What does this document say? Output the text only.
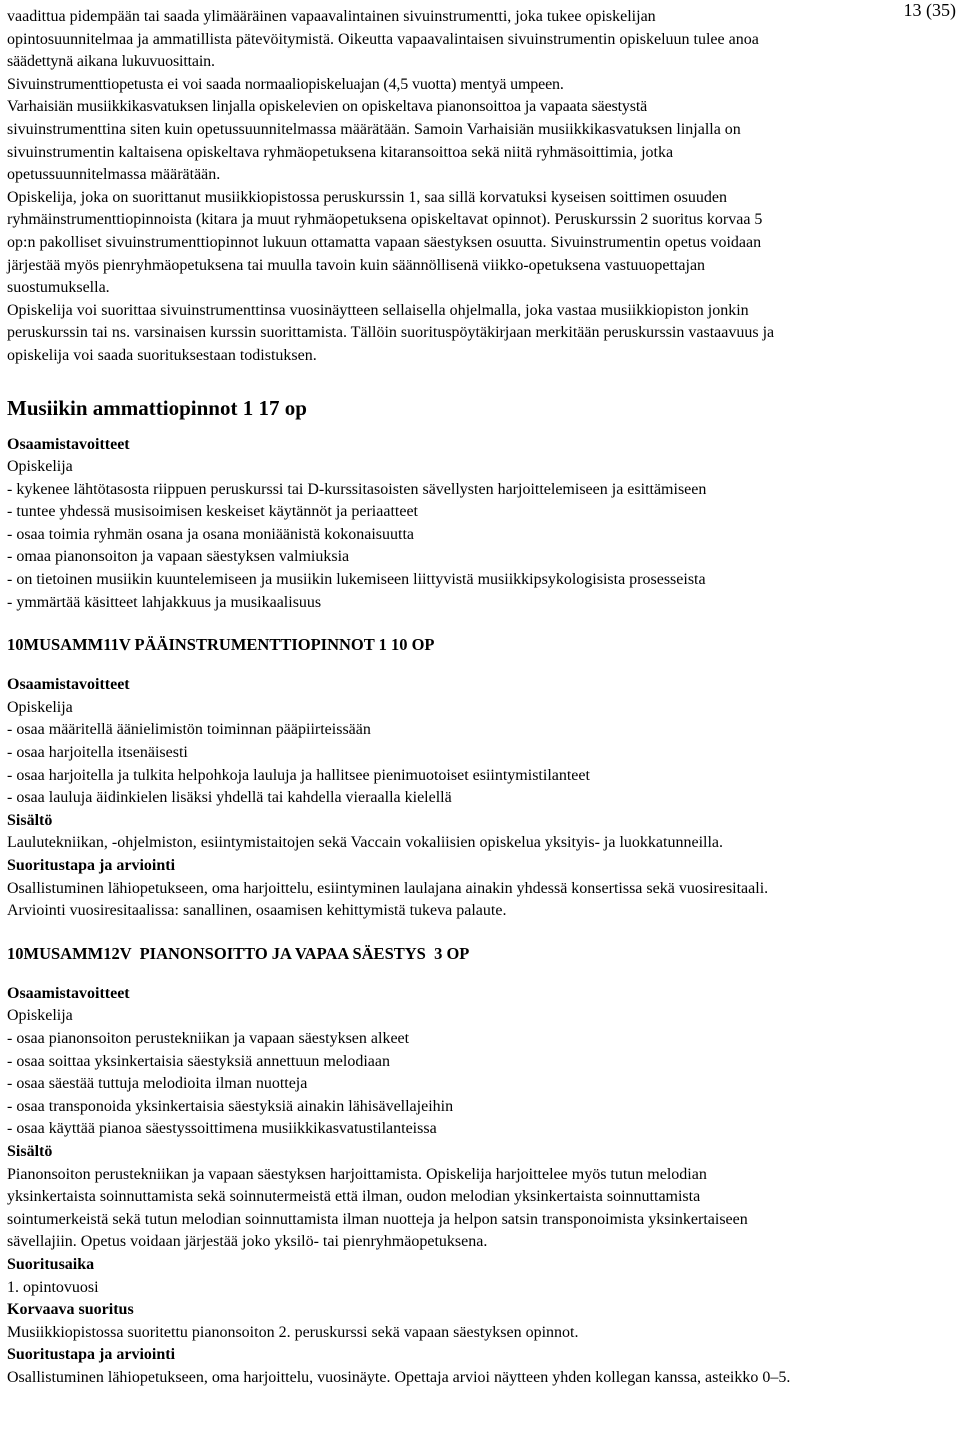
13 (35)

vaadittua pidempään tai saada ylimääräinen vapaavalintainen sivuinstrumentti, joka tukee opiskelijan

opintosuunnitelmaa ja ammatillista pätevöitymistä. Oikeutta vapaavalintaisen sivuinstrumentin opiskeluun tulee anoa

säädettynä aikana lukuvuosittain.

Sivuinstrumenttiopetusta ei voi saada normaaliopiskeluajan (4,5 vuotta) mentyä umpeen.

Varhaisiän musiikkikasvatuksen linjalla opiskelevien on opiskeltava pianonsoittoa ja vapaata säestystä

sivuinstrumenttina siten kuin opetussuunnitelmassa määrätään. Samoin Varhaisiän musiikkikasvatuksen linjalla on

sivuinstrumentin kaltaisena opiskeltava ryhmäopetuksena kitaransoittoa sekä niitä ryhmäsoittimia, jotka

opetussuunnitelmassa määrätään.

Opiskelija, joka on suorittanut musiikkiopistossa peruskurssin 1, saa sillä korvatuksi kyseisen soittimen osuuden

ryhmäinstrumenttiopinnoista (kitara ja muut ryhmäopetuksena opiskeltavat opinnot). Peruskurssin 2 suoritus korvaa 5

op:n pakolliset sivuinstrumenttiopinnot lukuun ottamatta vapaan säestyksen osuutta. Sivuinstrumentin opetus voidaan

järjestää myös pienryhmäopetuksena tai muulla tavoin kuin säännöllisenä viikko-opetuksena vastuuopettajan

suostumuksella.

Opiskelija voi suorittaa sivuinstrumenttinsa vuosinäytteen sellaisella ohjelmalla, joka vastaa musiikkiopiston jonkin

peruskurssin tai ns. varsinaisen kurssin suorittamista. Tällöin suorituspöytäkirjaan merkitään peruskurssin vastaavuus ja

opiskelija voi saada suorituksestaan todistuksen.

Musiikin ammattiopinnot 1 17 op

Osaamistavoitteet

Opiskelija

- kykenee lähtötasosta riippuen peruskurssi tai D-kurssitasoisten sävellysten harjoittelemiseen ja esittämiseen

- tuntee yhdessä musisoimisen keskeiset käytännöt ja periaatteet

- osaa toimia ryhmän osana ja osana moniäänistä kokonaisuutta

- omaa pianonsoiton ja vapaan säestyksen valmiuksia

- on tietoinen musiikin kuuntelemiseen ja musiikin lukemiseen liittyvistä musiikkipsykologisista prosesseista

- ymmärtää käsitteet lahjakkuus ja musikaalisuus

10MUSAMM11V PÄÄINSTRUMENTTIOPINNOT 1 10 OP

Osaamistavoitteet

Opiskelija

- osaa määritellä äänielimistön toiminnan pääpiirteissään

- osaa harjoitella itsenäisesti

- osaa harjoitella ja tulkita helpohkoja lauluja ja hallitsee pienimuotoiset esiintymistilanteet

- osaa lauluja äidinkielen lisäksi yhdellä tai kahdella vieraalla kielellä

Sisältö

Laulutekniikan, -ohjelmiston, esiintymistaitojen sekä Vaccain vokaliisien opiskelua yksityis- ja luokkatunneilla.

Suoritustapa ja arviointi

Osallistuminen lähiopetukseen, oma harjoittelu, esiintyminen laulajana ainakin yhdessä konsertissa sekä vuosiresitaali.

Arviointi vuosiresitaalissa: sanallinen, osaamisen kehittymistä tukeva palaute.

10MUSAMM12V  PIANONSOITTO JA VAPAA SÄESTYS  3 OP

Osaamistavoitteet

Opiskelija

- osaa pianonsoiton perustekniikan ja vapaan säestyksen alkeet

- osaa soittaa yksinkertaisia säestyksiä annettuun melodiaan

- osaa säestää tuttuja melodioita ilman nuotteja

- osaa transponoida yksinkertaisia säestyksiä ainakin lähisävellajeihin

- osaa käyttää pianoa säestyssoittimena musiikkikasvatustilanteissa

Sisältö

Pianonsoiton perustekniikan ja vapaan säestyksen harjoittamista. Opiskelija harjoittelee myös tutun melodian

yksinkertaista soinnuttamista sekä soinnutermeistä että ilman, oudon melodian yksinkertaista soinnuttamista

sointumerkeistä sekä tutun melodian soinnuttamista ilman nuotteja ja helpon satsin transponoimista yksinkertaiseen

sävellajiin. Opetus voidaan järjestää joko yksilö- tai pienryhmäopetuksena.

Suoritusaika

1. opintovuosi

Korvaava suoritus

Musiikkiopistossa suoritettu pianonsoiton 2. peruskurssi sekä vapaan säestyksen opinnot.

Suoritustapa ja arviointi

Osallistuminen lähiopetukseen, oma harjoittelu, vuosinäyte. Opettaja arvioi näytteen yhden kollegan kanssa, asteikko 0–5.
